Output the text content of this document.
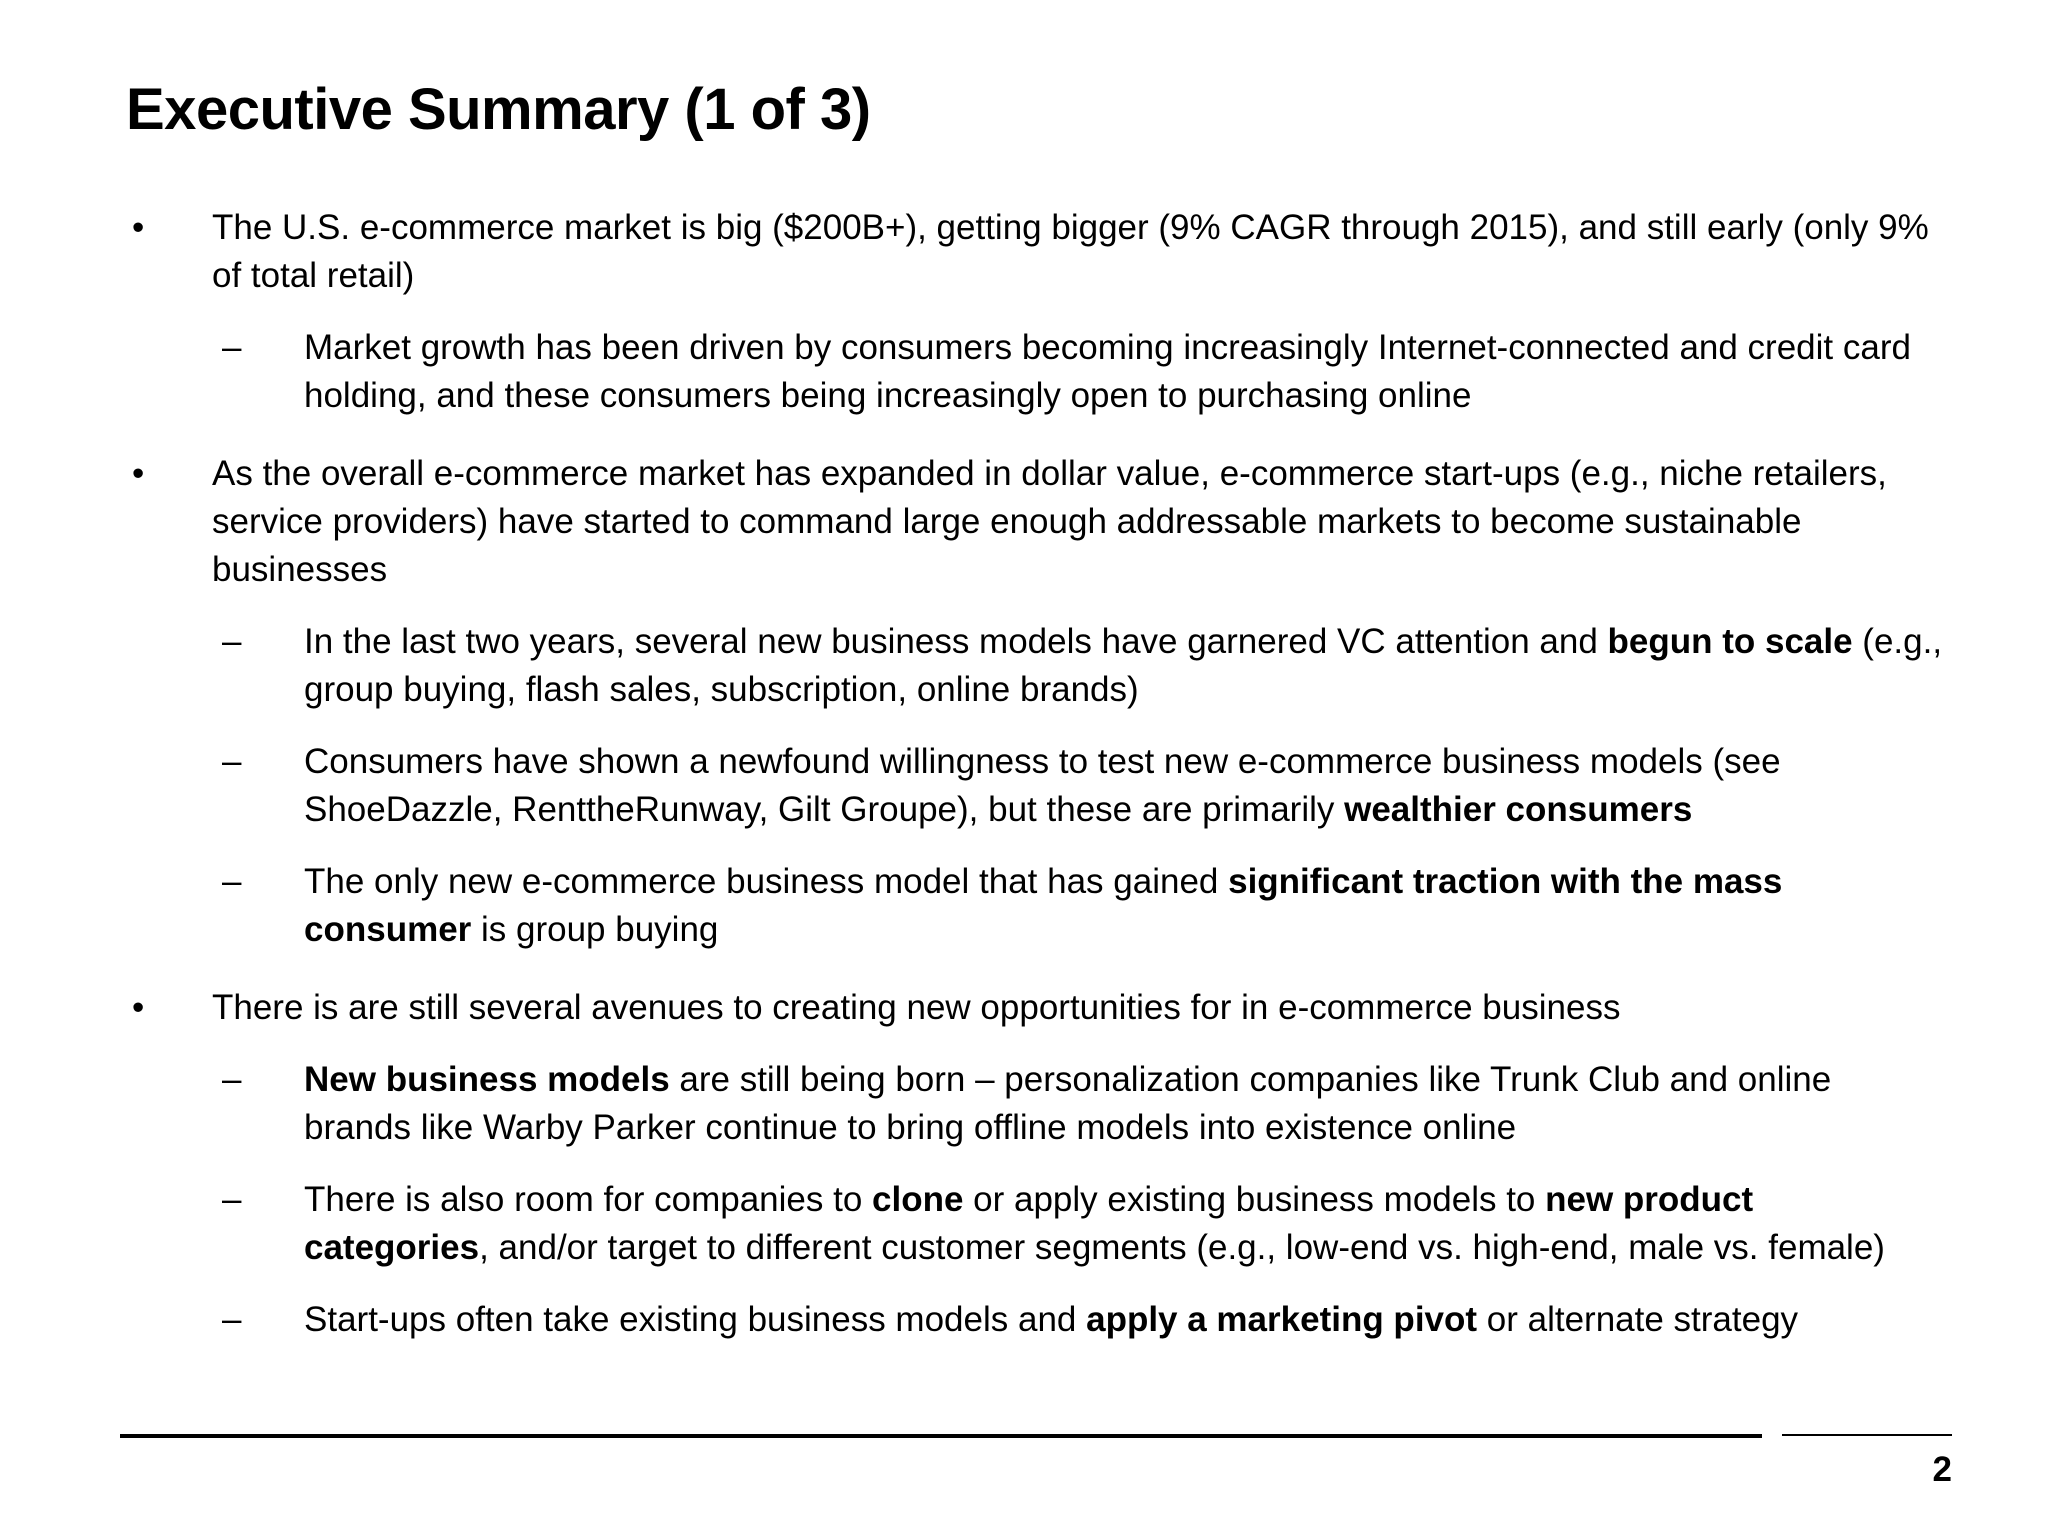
Executive Summary (1 of 3)
• The U.S. e-commerce market is big ($200B+), getting bigger (9% CAGR through 2015), and still early (only 9% of total retail)
– Market growth has been driven by consumers becoming increasingly Internet-connected and credit card holding, and these consumers being increasingly open to purchasing online
• As the overall e-commerce market has expanded in dollar value, e-commerce start-ups (e.g., niche retailers, service providers) have started to command large enough addressable markets to become sustainable businesses
– In the last two years, several new business models have garnered VC attention and begun to scale (e.g., group buying, flash sales, subscription, online brands)
– Consumers have shown a newfound willingness to test new e-commerce business models (see ShoeDazzle, RenttheRunway, Gilt Groupe), but these are primarily wealthier consumers
– The only new e-commerce business model that has gained significant traction with the mass consumer is group buying
• There is are still several avenues to creating new opportunities for in e-commerce business
– New business models are still being born – personalization companies like Trunk Club and online brands like Warby Parker continue to bring offline models into existence online
– There is also room for companies to clone or apply existing business models to new product categories, and/or target to different customer segments (e.g., low-end vs. high-end, male vs. female)
– Start-ups often take existing business models and apply a marketing pivot or alternate strategy
2
